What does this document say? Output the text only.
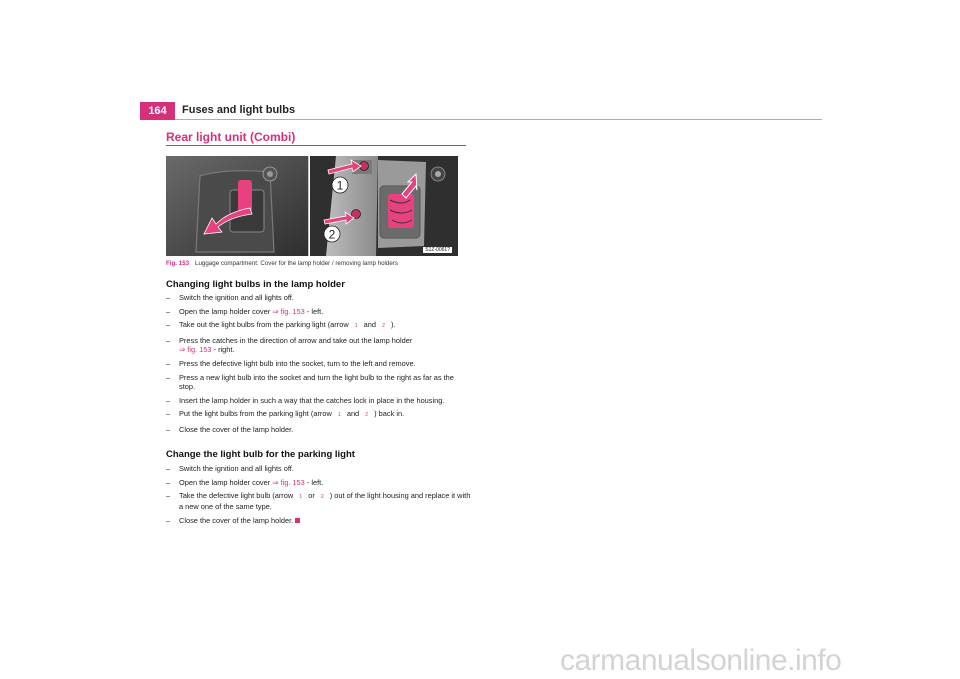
164	Fuses and light bulbs
Rear light unit (Combi)
1
2
S1Z-0061?
Fig. 153 Luggage compartment: Cover for the lamp holder / removing lamp holders
Changing light bulbs in the lamp holder
– Switch the ignition and all lights off.
– Open the lamp holder cover ⇒ fig. 153 - left.
– Take out the light bulbs from the parking light (arrow 1 and 2 ).
– Press the catches in the direction of arrow and take out the lamp holder
⇒ fig. 153 - right.
– Press the defective light bulb into the socket, turn to the left and remove.
– Press a new light bulb into the socket and turn the light bulb to the right as far as the stop.
– Insert the lamp holder in such a way that the catches lock in place in the housing.
– Put the light bulbs from the parking light (arrow 1 and 2 ) back in.
– Close the cover of the lamp holder.
Change the light bulb for the parking light
– Switch the ignition and all lights off.
– Open the lamp holder cover ⇒ fig. 153 - left.
– Take the defective light bulb (arrow 1 or 2 ) out of the light housing and replace it with a new one of the same type.
– Close the cover of the lamp holder.
carmanualsonline.info
